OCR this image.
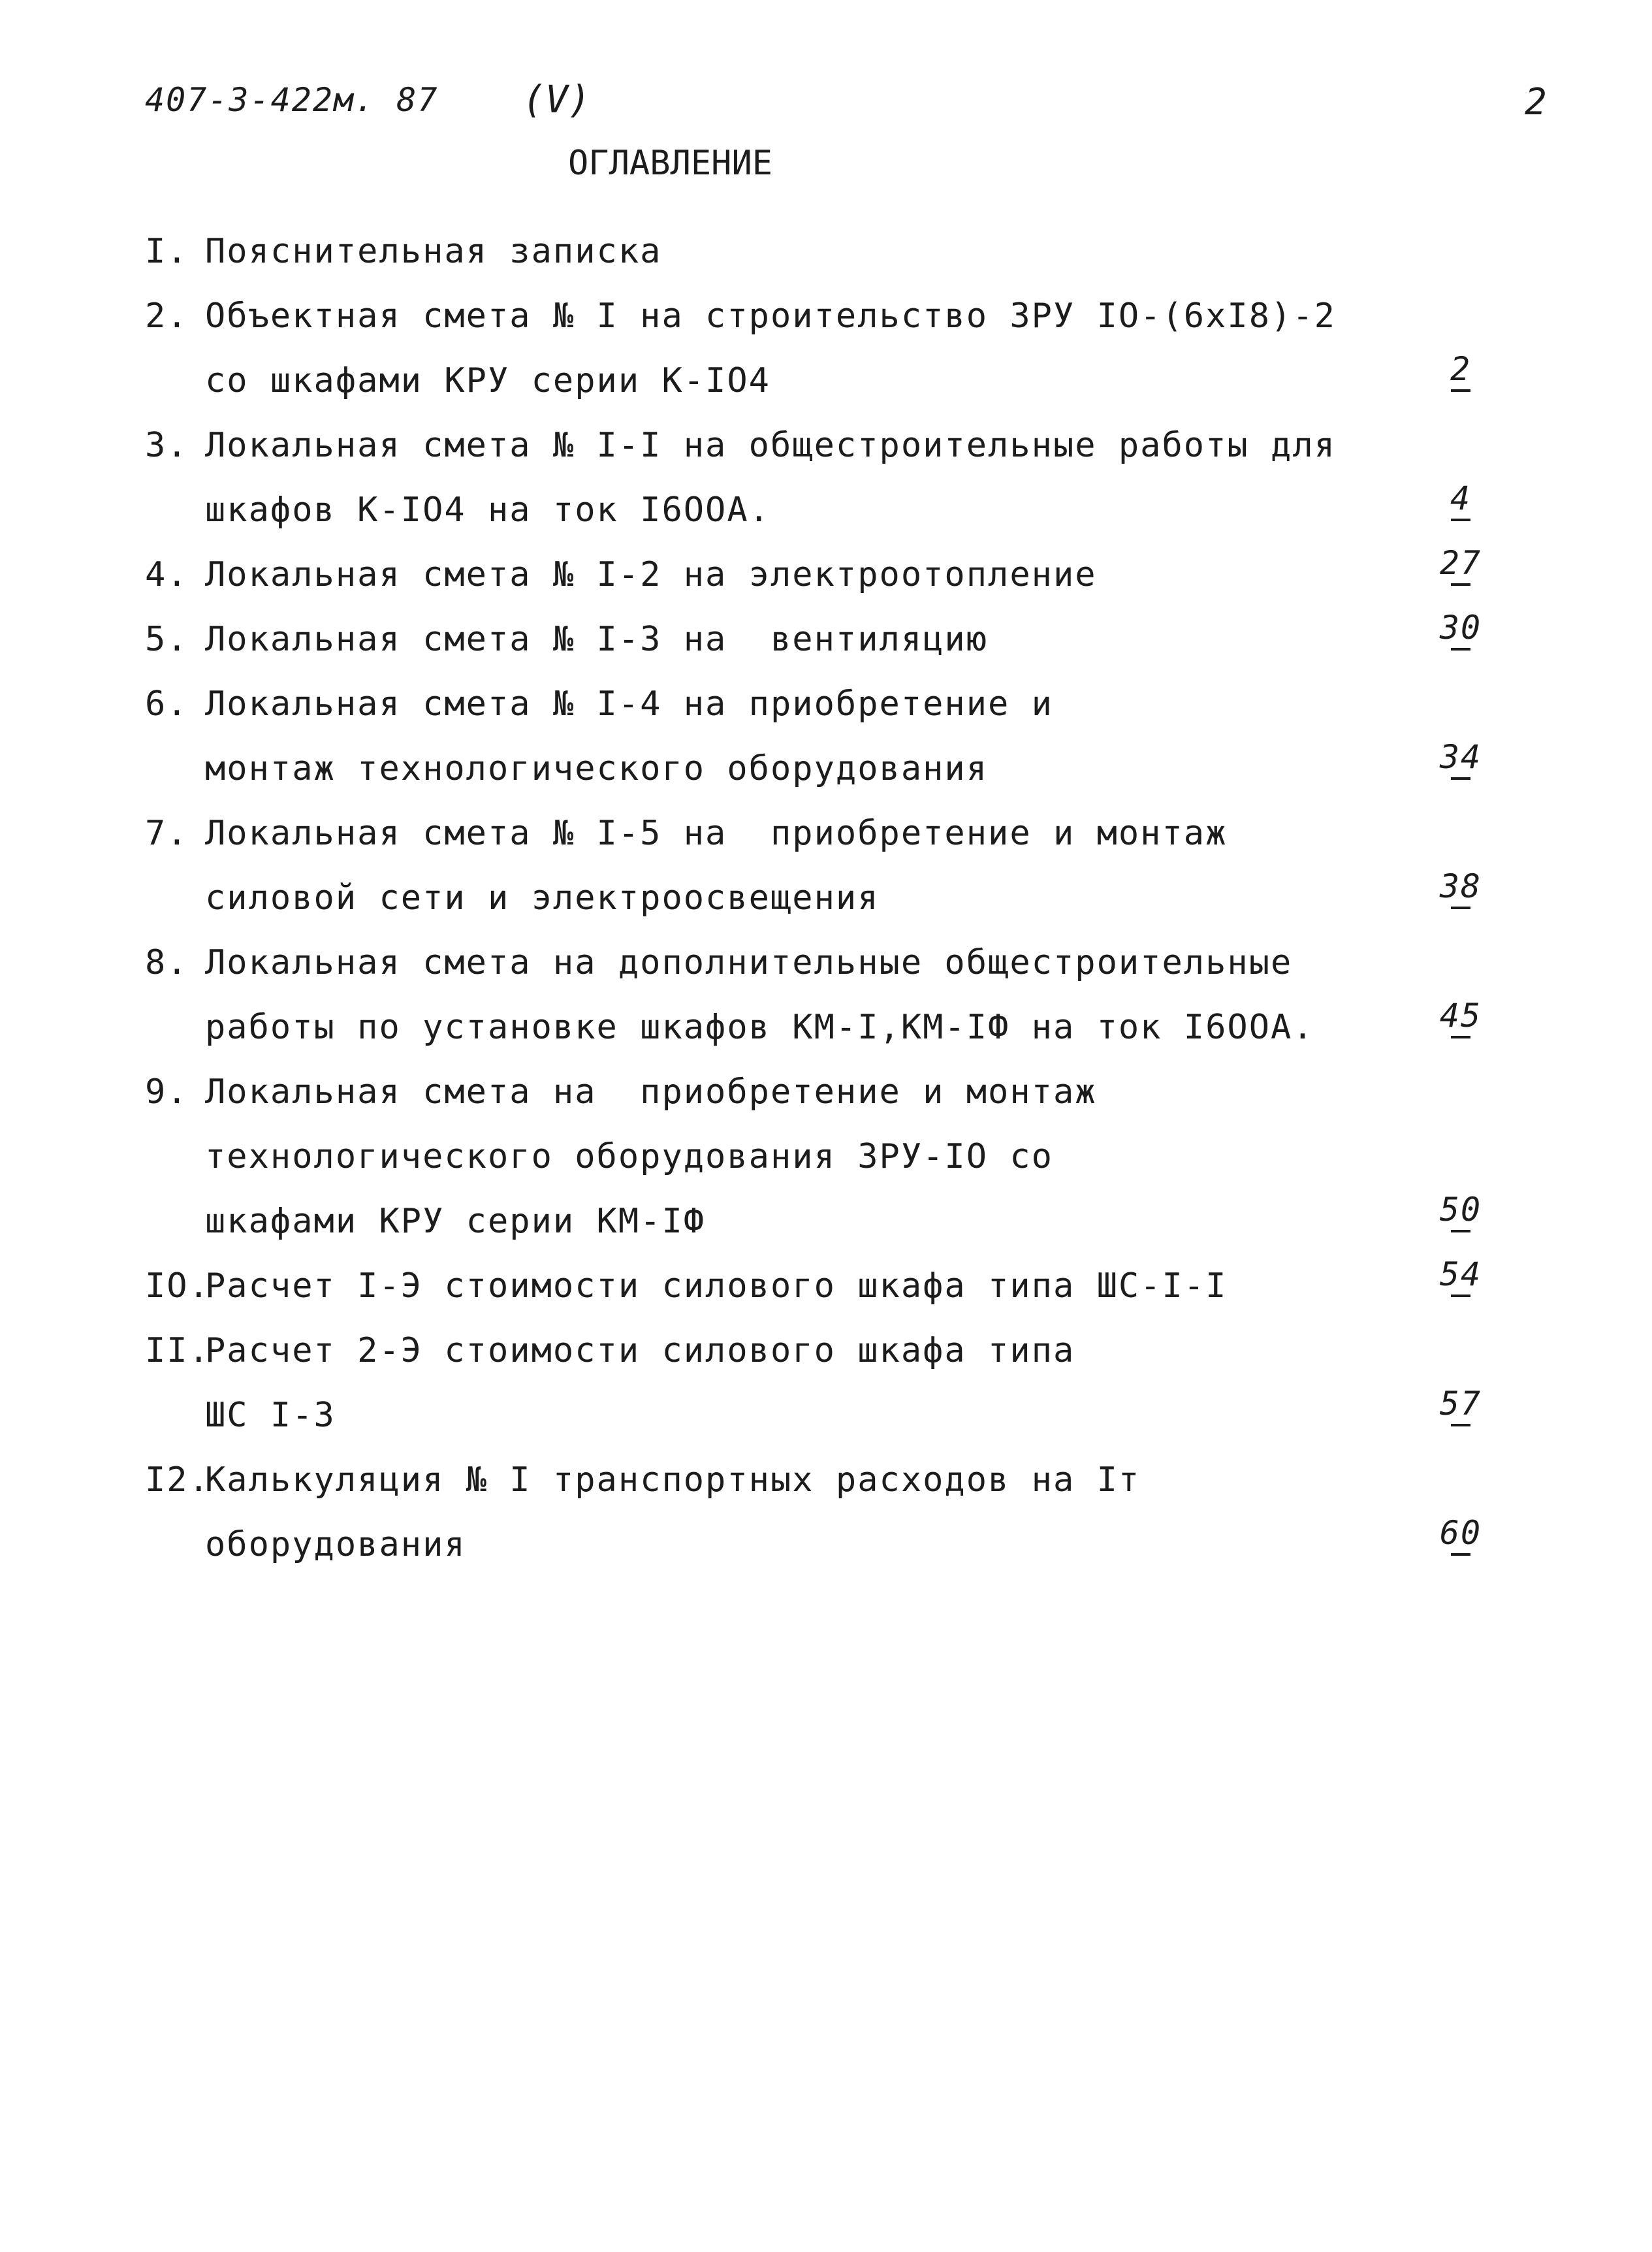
407-3-422м. 87 (V)	2
ОГЛАВЛЕНИЕ
I. Пояснительная записка
2. Объектная смета № I на строительство ЗРУ IO-(6xI8)-2
со шкафами КРУ серии К-IO4	2
3. Локальная смета № I-I на общестроительные работы для
шкафов К-IO4 на ток I6OOA.	4
4. Локальная смета № I-2 на электроотопление	27
5. Локальная смета № I-3 на  вентиляцию	30
6. Локальная смета № I-4 на приобретение и
монтаж технологического оборудования	34
7. Локальная смета № I-5 на  приобретение и монтаж
силовой сети и электроосвещения	38
8. Локальная смета на дополнительные общестроительные
работы по установке шкафов КМ-I,КМ-IФ на ток I6OOA.	45
9. Локальная смета на  приобретение и монтаж
технологического оборудования ЗРУ-IO со
шкафами КРУ серии КМ-IФ	50
IO.Расчет I-Э стоимости силового шкафа типа ШС-I-I	54
II.Расчет 2-Э стоимости силового шкафа типа
ШС I-3	57
I2.Калькуляция № I транспортных расходов на Iт
оборудования	60
